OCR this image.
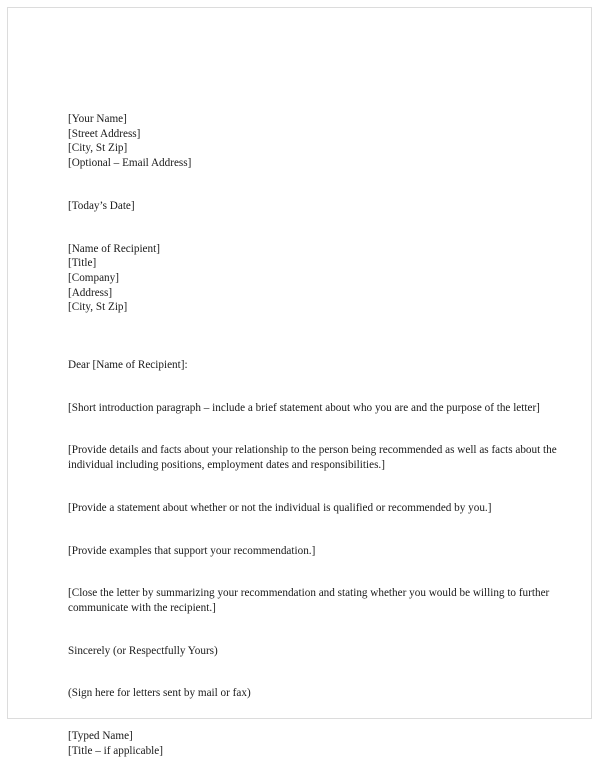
[Your Name]
[Street Address]
[City, St Zip]
[Optional – Email Address]
[Today’s Date]
[Name of Recipient]
[Title]
[Company]
[Address]
[City, St Zip]
Dear [Name of Recipient]:
[Short introduction paragraph – include a brief statement about who you are and the purpose of the letter]
[Provide details and facts about your relationship to the person being recommended as well as facts about the individual including positions, employment dates and responsibilities.]
[Provide a statement about whether or not the individual is qualified or recommended by you.]
[Provide examples that support your recommendation.]
[Close the letter by summarizing your recommendation and stating whether you would be willing to further communicate with the recipient.]
Sincerely (or Respectfully Yours)
(Sign here for letters sent by mail or fax)
[Typed Name]
[Title – if applicable]
